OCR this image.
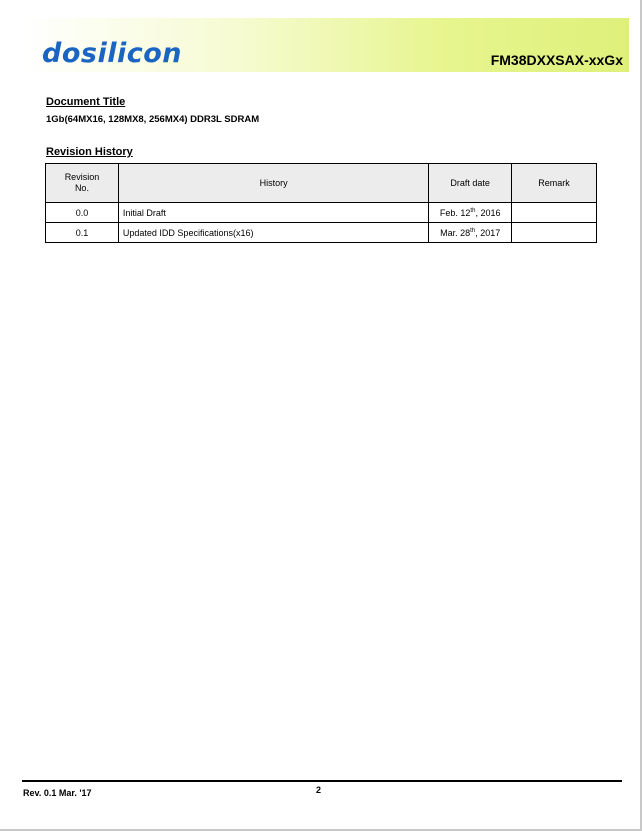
dosilicon	FM38DXXSAX-xxGx
Document Title
1Gb(64MX16, 128MX8, 256MX4) DDR3L SDRAM
Revision History
Revision
No.	History	Draft date	Remark
0.0	Initial Draft	Feb. 12th, 2016	
0.1	Updated IDD Specifications(x16)	Mar. 28th, 2017	
Rev. 0.1 Mar. '17	2
